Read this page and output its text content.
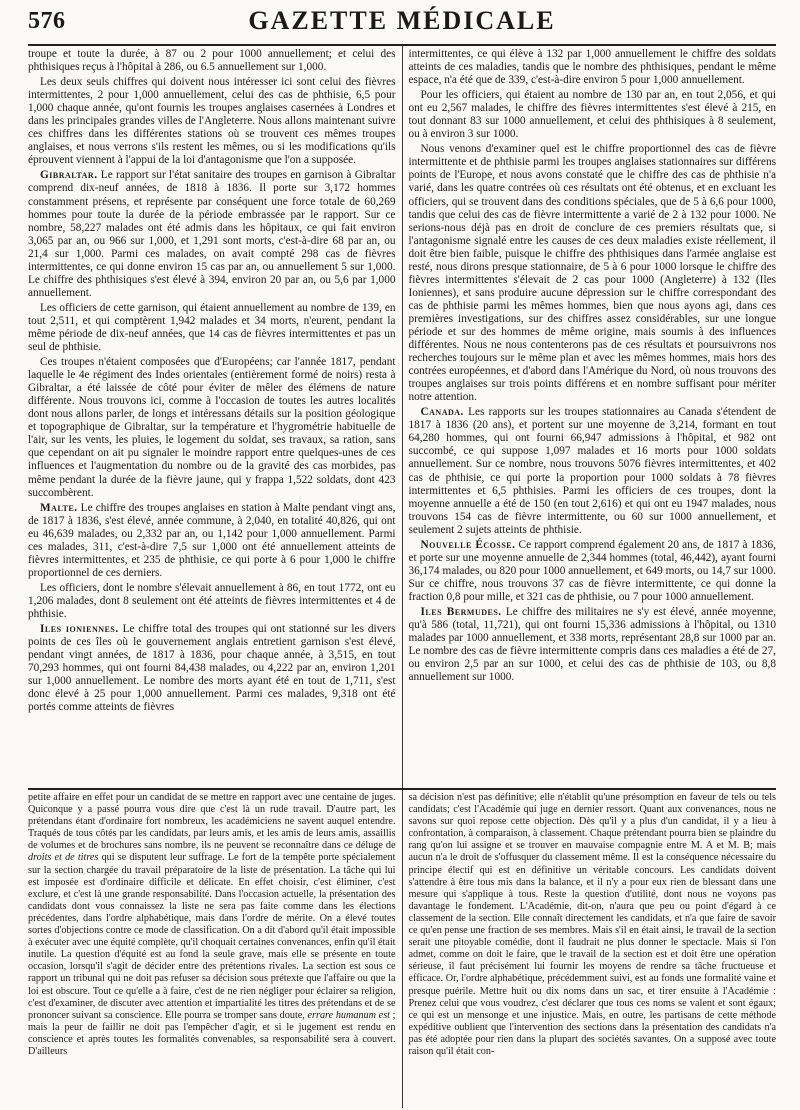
576	GAZETTE MÉDICALE

troupe et toute la durée, à 87 ou 2 pour 1000 annuellement; et celui des phthisiques reçus à l'hôpital à 286, ou 6.5 annuellement sur 1,000.

Les deux seuls chiffres qui doivent nous intéresser ici sont celui des fièvres intermittentes, 2 pour 1,000 annuellement, celui des cas de phthisie, 6,5 pour 1,000 chaque année, qu'ont fournis les troupes anglaises casernées à Londres et dans les principales grandes villes de l'Angleterre. Nous allons maintenant suivre ces chiffres dans les différentes stations où se trouvent ces mêmes troupes anglaises, et nous verrons s'ils restent les mêmes, ou si les modifications qu'ils éprouvent viennent à l'appui de la loi d'antagonisme que l'on a supposée.

Gibraltar. Le rapport sur l'état sanitaire des troupes en garnison à Gibraltar comprend dix-neuf années, de 1818 à 1836. Il porte sur 3,172 hommes constamment présens, et représente par conséquent une force totale de 60,269 hommes pour toute la durée de la période embrassée par le rapport. Sur ce nombre, 58,227 malades ont été admis dans les hôpitaux, ce qui fait environ 3,065 par an, ou 966 sur 1,000, et 1,291 sont morts, c'est-à-dire 68 par an, ou 21,4 sur 1,000. Parmi ces malades, on avait compté 298 cas de fièvres intermittentes, ce qui donne environ 15 cas par an, ou annuellement 5 sur 1,000. Le chiffre des phthisiques s'est élevé à 394, environ 20 par an, ou 5,6 par 1,000 annuellement.

Les officiers de cette garnison, qui étaient annuellement au nombre de 139, en tout 2,511, et qui comptèrent 1,942 malades et 34 morts, n'eurent, pendant la même période de dix-neuf années, que 14 cas de fièvres intermittentes et pas un seul de phthisie.

Ces troupes n'étaient composées que d'Européens; car l'année 1817, pendant laquelle le 4e régiment des Indes orientales (entièrement formé de noirs) resta à Gibraltar, a été laissée de côté pour éviter de mêler des élémens de nature différente. Nous trouvons ici, comme à l'occasion de toutes les autres localités dont nous allons parler, de longs et intéressans détails sur la position géologique et topographique de Gibraltar, sur la température et l'hygrométrie habituelle de l'air, sur les vents, les pluies, le logement du soldat, ses travaux, sa ration, sans que cependant on ait pu signaler le moindre rapport entre quelques-unes de ces influences et l'augmentation du nombre ou de la gravité des cas morbides, pas même pendant la durée de la fièvre jaune, qui y frappa 1,522 soldats, dont 423 succombèrent.

Malte. Le chiffre des troupes anglaises en station à Malte pendant vingt ans, de 1817 à 1836, s'est élevé, année commune, à 2,040, en totalité 40,826, qui ont eu 46,639 malades, ou 2,332 par an, ou 1,142 pour 1,000 annuellement. Parmi ces malades, 311, c'est-à-dire 7,5 sur 1,000 ont été annuellement atteints de fièvres intermittentes, et 235 de phthisie, ce qui porte à 6 pour 1,000 le chiffre proportionnel de ces derniers.

Les officiers, dont le nombre s'élevait annuellement à 86, en tout 1772, ont eu 1,206 malades, dont 8 seulement ont été atteints de fièvres intermittentes et 4 de phthisie.

Iles ioniennes. Le chiffre total des troupes qui ont stationné sur les divers points de ces îles où le gouvernement anglais entretient garnison s'est élevé, pendant vingt années, de 1817 à 1836, pour chaque année, à 3,515, en tout 70,293 hommes, qui ont fourni 84,438 malades, ou 4,222 par an, environ 1,201 sur 1,000 annuellement. Le nombre des morts ayant été en tout de 1,711, s'est donc élevé à 25 pour 1,000 annuellement. Parmi ces malades, 9,318 ont été portés comme atteints de fièvres

intermittentes, ce qui élève à 132 par 1,000 annuellement le chiffre des soldats atteints de ces maladies, tandis que le nombre des phthisiques, pendant le même espace, n'a été que de 339, c'est-à-dire environ 5 pour 1,000 annuellement.

Pour les officiers, qui étaient au nombre de 130 par an, en tout 2,056, et qui ont eu 2,567 malades, le chiffre des fièvres intermittentes s'est élevé à 215, en tout donnant 83 sur 1000 annuellement, et celui des phthisiques à 8 seulement, ou à environ 3 sur 1000.

Nous venons d'examiner quel est le chiffre proportionnel des cas de fièvre intermittente et de phthisie parmi les troupes anglaises stationnaires sur différens points de l'Europe, et nous avons constaté que le chiffre des cas de phthisie n'a varié, dans les quatre contrées où ces résultats ont été obtenus, et en excluant les officiers, qui se trouvent dans des conditions spéciales, que de 5 à 6,6 pour 1000, tandis que celui des cas de fièvre intermittente a varié de 2 à 132 pour 1000. Ne serions-nous déjà pas en droit de conclure de ces premiers résultats que, si l'antagonisme signalé entre les causes de ces deux maladies existe réellement, il doit être bien faible, puisque le chiffre des phthisiques dans l'armée anglaise est resté, nous dirons presque stationnaire, de 5 à 6 pour 1000 lorsque le chiffre des fièvres intermittentes s'élevait de 2 cas pour 1000 (Angleterre) à 132 (Iles Ioniennes), et sans produire aucune dépression sur le chiffre correspondant des cas de phthisie parmi les mêmes hommes, bien que nous ayons agi, dans ces premières investigations, sur des chiffres assez considérables, sur une longue période et sur des hommes de même origine, mais soumis à des influences différentes. Nous ne nous contenterons pas de ces résultats et poursuivrons nos recherches toujours sur le même plan et avec les mêmes hommes, mais hors des contrées européennes, et d'abord dans l'Amérique du Nord, où nous trouvons des troupes anglaises sur trois points différens et en nombre suffisant pour mériter notre attention.

Canada. Les rapports sur les troupes stationnaires au Canada s'étendent de 1817 à 1836 (20 ans), et portent sur une moyenne de 3,214, formant en tout 64,280 hommes, qui ont fourni 66,947 admissions à l'hôpital, et 982 ont succombé, ce qui suppose 1,097 malades et 16 morts pour 1000 soldats annuellement. Sur ce nombre, nous trouvons 5076 fièvres intermittentes, et 402 cas de phthisie, ce qui porte la proportion pour 1000 soldats à 78 fièvres intermittentes et 6,5 phthisies. Parmi les officiers de ces troupes, dont la moyenne annuelle a été de 150 (en tout 2,616) et qui ont eu 1947 malades, nous trouvons 154 cas de fièvre intermittente, ou 60 sur 1000 annuellement, et seulement 2 sujets atteints de phthisie.

Nouvelle Écosse. Ce rapport comprend également 20 ans, de 1817 à 1836, et porte sur une moyenne annuelle de 2,344 hommes (total, 46,442), ayant fourni 36,174 malades, ou 820 pour 1000 annuellement, et 649 morts, ou 14,7 sur 1000. Sur ce chiffre, nous trouvons 37 cas de fièvre intermittente, ce qui donne la fraction 0,8 pour mille, et 321 cas de phthisie, ou 7 pour 1000 annuellement.

Iles Bermudes. Le chiffre des militaires ne s'y est élevé, année moyenne, qu'à 586 (total, 11,721), qui ont fourni 15,336 admissions à l'hôpital, ou 1310 malades par 1000 annuellement, et 338 morts, représentant 28,8 sur 1000 par an. Le nombre des cas de fièvre intermittente compris dans ces maladies a été de 27, ou environ 2,5 par an sur 1000, et celui des cas de phthisie de 103, ou 8,8 annuellement sur 1000.

petite affaire en effet pour un candidat de se mettre en rapport avec une centaine de juges. Quiconque y a passé pourra vous dire que c'est là un rude travail. D'autre part, les prétendans étant d'ordinaire fort nombreux, les académiciens ne savent auquel entendre. Traqués de tous côtés par les candidats, par leurs amis, et les amis de leurs amis, assaillis de volumes et de brochures sans nombre, ils ne peuvent se reconnaître dans ce déluge de droits et de titres qui se disputent leur suffrage. Le fort de la tempête porte spécialement sur la section chargée du travail préparatoire de la liste de présentation. La tâche qui lui est imposée est d'ordinaire difficile et délicate. En effet choisir, c'est éliminer, c'est exclure, et c'est là une grande responsabilité. Dans l'occasion actuelle, la présentation des candidats dont vous connaissez la liste ne sera pas faite comme dans les élections précédentes, dans l'ordre alphabétique, mais dans l'ordre de mérite. On a élevé toutes sortes d'objections contre ce mode de classification. On a dit d'abord qu'il était impossible à exécuter avec une équité complète, qu'il choquait certaines convenances, enfin qu'il était inutile. La question d'équité est au fond la seule grave, mais elle se présente en toute occasion, lorsqu'il s'agit de décider entre des prétentions rivales. La section est sous ce rapport un tribunal qui ne doit pas refuser sa décision sous prétexte que l'affaire ou que la loi est obscure. Tout ce qu'elle a à faire, c'est de ne rien négliger pour éclairer sa religion, c'est d'examiner, de discuter avec attention et impartialité les titres des prétendans et de se prononcer suivant sa conscience. Elle pourra se tromper sans doute, errare humanum est ; mais la peur de faillir ne doit pas l'empêcher d'agir, et si le jugement est rendu en conscience et après toutes les formalités convenables, sa responsabilité sera à couvert. D'ailleurs

sa décision n'est pas définitive; elle n'établit qu'une présomption en faveur de tels ou tels candidats; c'est l'Académie qui juge en dernier ressort. Quant aux convenances, nous ne savons sur quoi repose cette objection. Dès qu'il y a plus d'un candidat, il y a lieu à confrontation, à comparaison, à classement. Chaque prétendant pourra bien se plaindre du rang qu'on lui assigne et se trouver en mauvaise compagnie entre M. A et M. B; mais aucun n'a le droit de s'offusquer du classement même. Il est la conséquence nécessaire du principe électif qui est en définitive un véritable concours. Les candidats doivent s'attendre à être tous mis dans la balance, et il n'y a pour eux rien de blessant dans une mesure qui s'applique à tous. Reste la question d'utilité, dont nous ne voyons pas davantage le fondement. L'Académie, dit-on, n'aura que peu ou point d'égard à ce classement de la section. Elle connaît directement les candidats, et n'a que faire de savoir ce qu'en pense une fraction de ses membres. Mais s'il en était ainsi, le travail de la section serait une pitoyable comédie, dont il faudrait ne plus donner le spectacle. Mais si l'on admet, comme on doit le faire, que le travail de la section est et doit être une opération sérieuse, il faut précisément lui fournir les moyens de rendre sa tâche fructueuse et efficace. Or, l'ordre alphabétique, précédemment suivi, est au fonds une formalité vaine et presque puérile. Mettre huit ou dix noms dans un sac, et tirer ensuite à l'Académie : Prenez celui que vous voudrez, c'est déclarer que tous ces noms se valent et sont égaux; ce qui est un mensonge et une injustice. Mais, en outre, les partisans de cette méthode expéditive oublient que l'intervention des sections dans la présentation des candidats n'a pas été adoptée pour rien dans la plupart des sociétés savantes. On a supposé avec toute raison qu'il était con-
